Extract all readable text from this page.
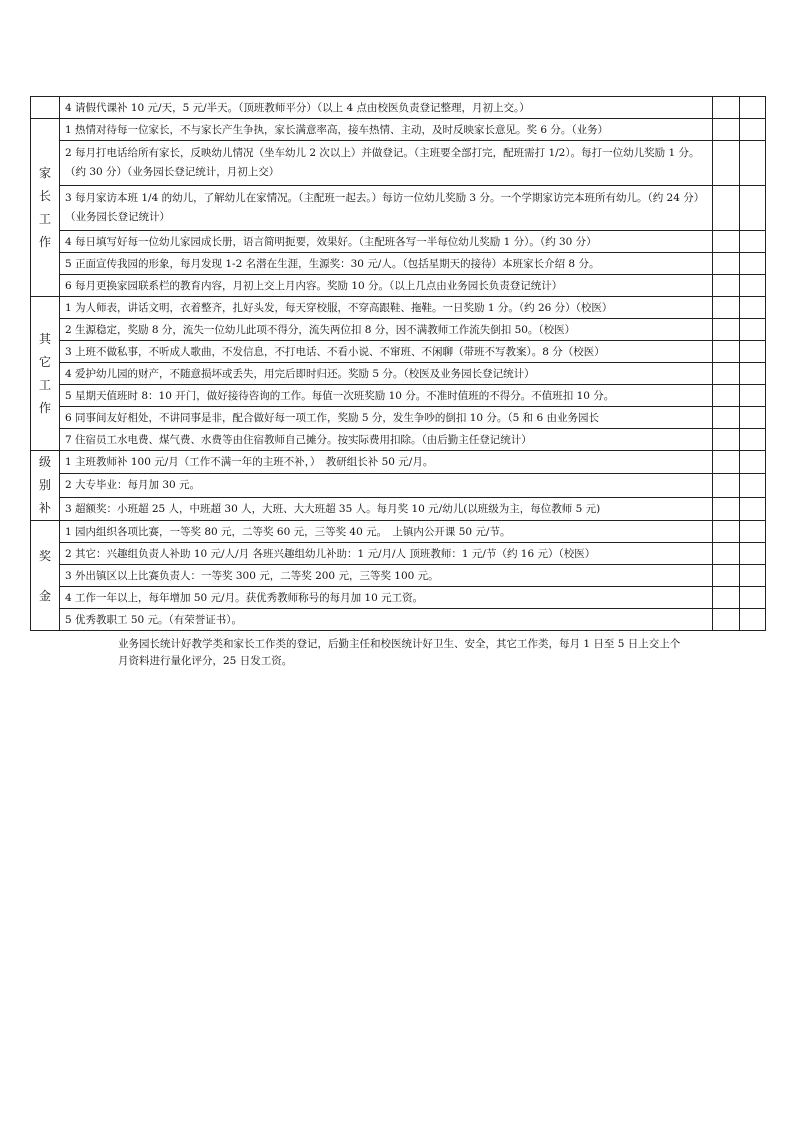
	4 请假代课补 10 元/天，5 元/半天。（顶班教师平分）（以上 4 点由校医负责登记整理，月初上交。）		

家长工作	1 热情对待每一位家长，不与家长产生争执，家长满意率高，接车热情、主动，及时反映家长意见。奖 6 分。（业务）		
	2 每月打电话给所有家长，反映幼儿情况（坐车幼儿 2 次以上）并做登记。（主班要全部打完，配班需打 1/2）。每打一位幼儿奖励 1 分。（约 30 分）（业务园长登记统计，月初上交）		
	3 每月家访本班 1/4 的幼儿，了解幼儿在家情况。（主配班一起去。）每访一位幼儿奖励 3 分。一个学期家访完本班所有幼儿。（约 24 分）（业务园长登记统计）		
	4 每日填写好每一位幼儿家园成长册，语言简明扼要，效果好。（主配班各写一半每位幼儿奖励 1 分）。（约 30 分）		
	5 正面宣传我园的形象，每月发现 1-2 名潜在生涯，生源奖：30 元/人。（包括星期天的接待）本班家长介绍 8 分。		
	6 每月更换家园联系栏的教育内容，月初上交上月内容。奖励 10 分。（以上几点由业务园长负责登记统计）		

其它工作	1 为人师表，讲话文明，衣着整齐，扎好头发，每天穿校服，不穿高跟鞋、拖鞋。一日奖励 1 分。（约 26 分）（校医）		
	2 生源稳定，奖励 8 分，流失一位幼儿此项不得分，流失两位扣 8 分，因不满教师工作流失倒扣 50。（校医）		
	3 上班不做私事，不听成人歌曲，不发信息，不打电话、不看小说、不窜班、不闲聊（带班不写教案）。8 分（校医）		
	4 爱护幼儿园的财产，不随意损坏或丢失，用完后即时归还。奖励 5 分。（校医及业务园长登记统计）		
	5 星期天值班时 8：10 开门，做好接待咨询的工作。每值一次班奖励 10 分。不准时值班的不得分。不值班扣 10 分。		
	6 同事间友好相处，不讲同事是非，配合做好每一项工作，奖励 5 分，发生争吵的倒扣 10 分。（5 和 6 由业务园长		
	7 住宿员工水电费、煤气费、水费等由住宿教师自己摊分。按实际费用扣除。（由后勤主任登记统计）		

级别补	1 主班教师补 100 元/月（工作不满一年的主班不补，）　教研组长补 50 元/月。		
	2 大专毕业：每月加 30 元。		
	3 超额奖：小班超 25 人，中班超 30 人，大班、大大班超 35 人。每月奖 10 元/幼儿(以班级为主，每位教师 5 元)		

奖金	1 园内组织各项比赛，一等奖 80 元，二等奖 60 元，三等奖 40 元。　上镇内公开课 50 元/节。		
	2 其它：兴趣组负责人补助 10 元/人/月 各班兴趣组幼儿补助：1 元/月/人 顶班教师：1 元/节（约 16 元）（校医）		
	3 外出镇区以上比赛负责人：一等奖 300 元，二等奖 200 元，三等奖 100 元。		
	4 工作一年以上，每年增加 50 元/月。获优秀教师称号的每月加 10 元工资。		
	5 优秀教职工 50 元。（有荣誉证书）。		
业务园长统计好教学类和家长工作类的登记，后勤主任和校医统计好卫生、安全，其它工作类，每月 1 日至 5 日上交上个月资料进行量化评分，25 日发工资。
